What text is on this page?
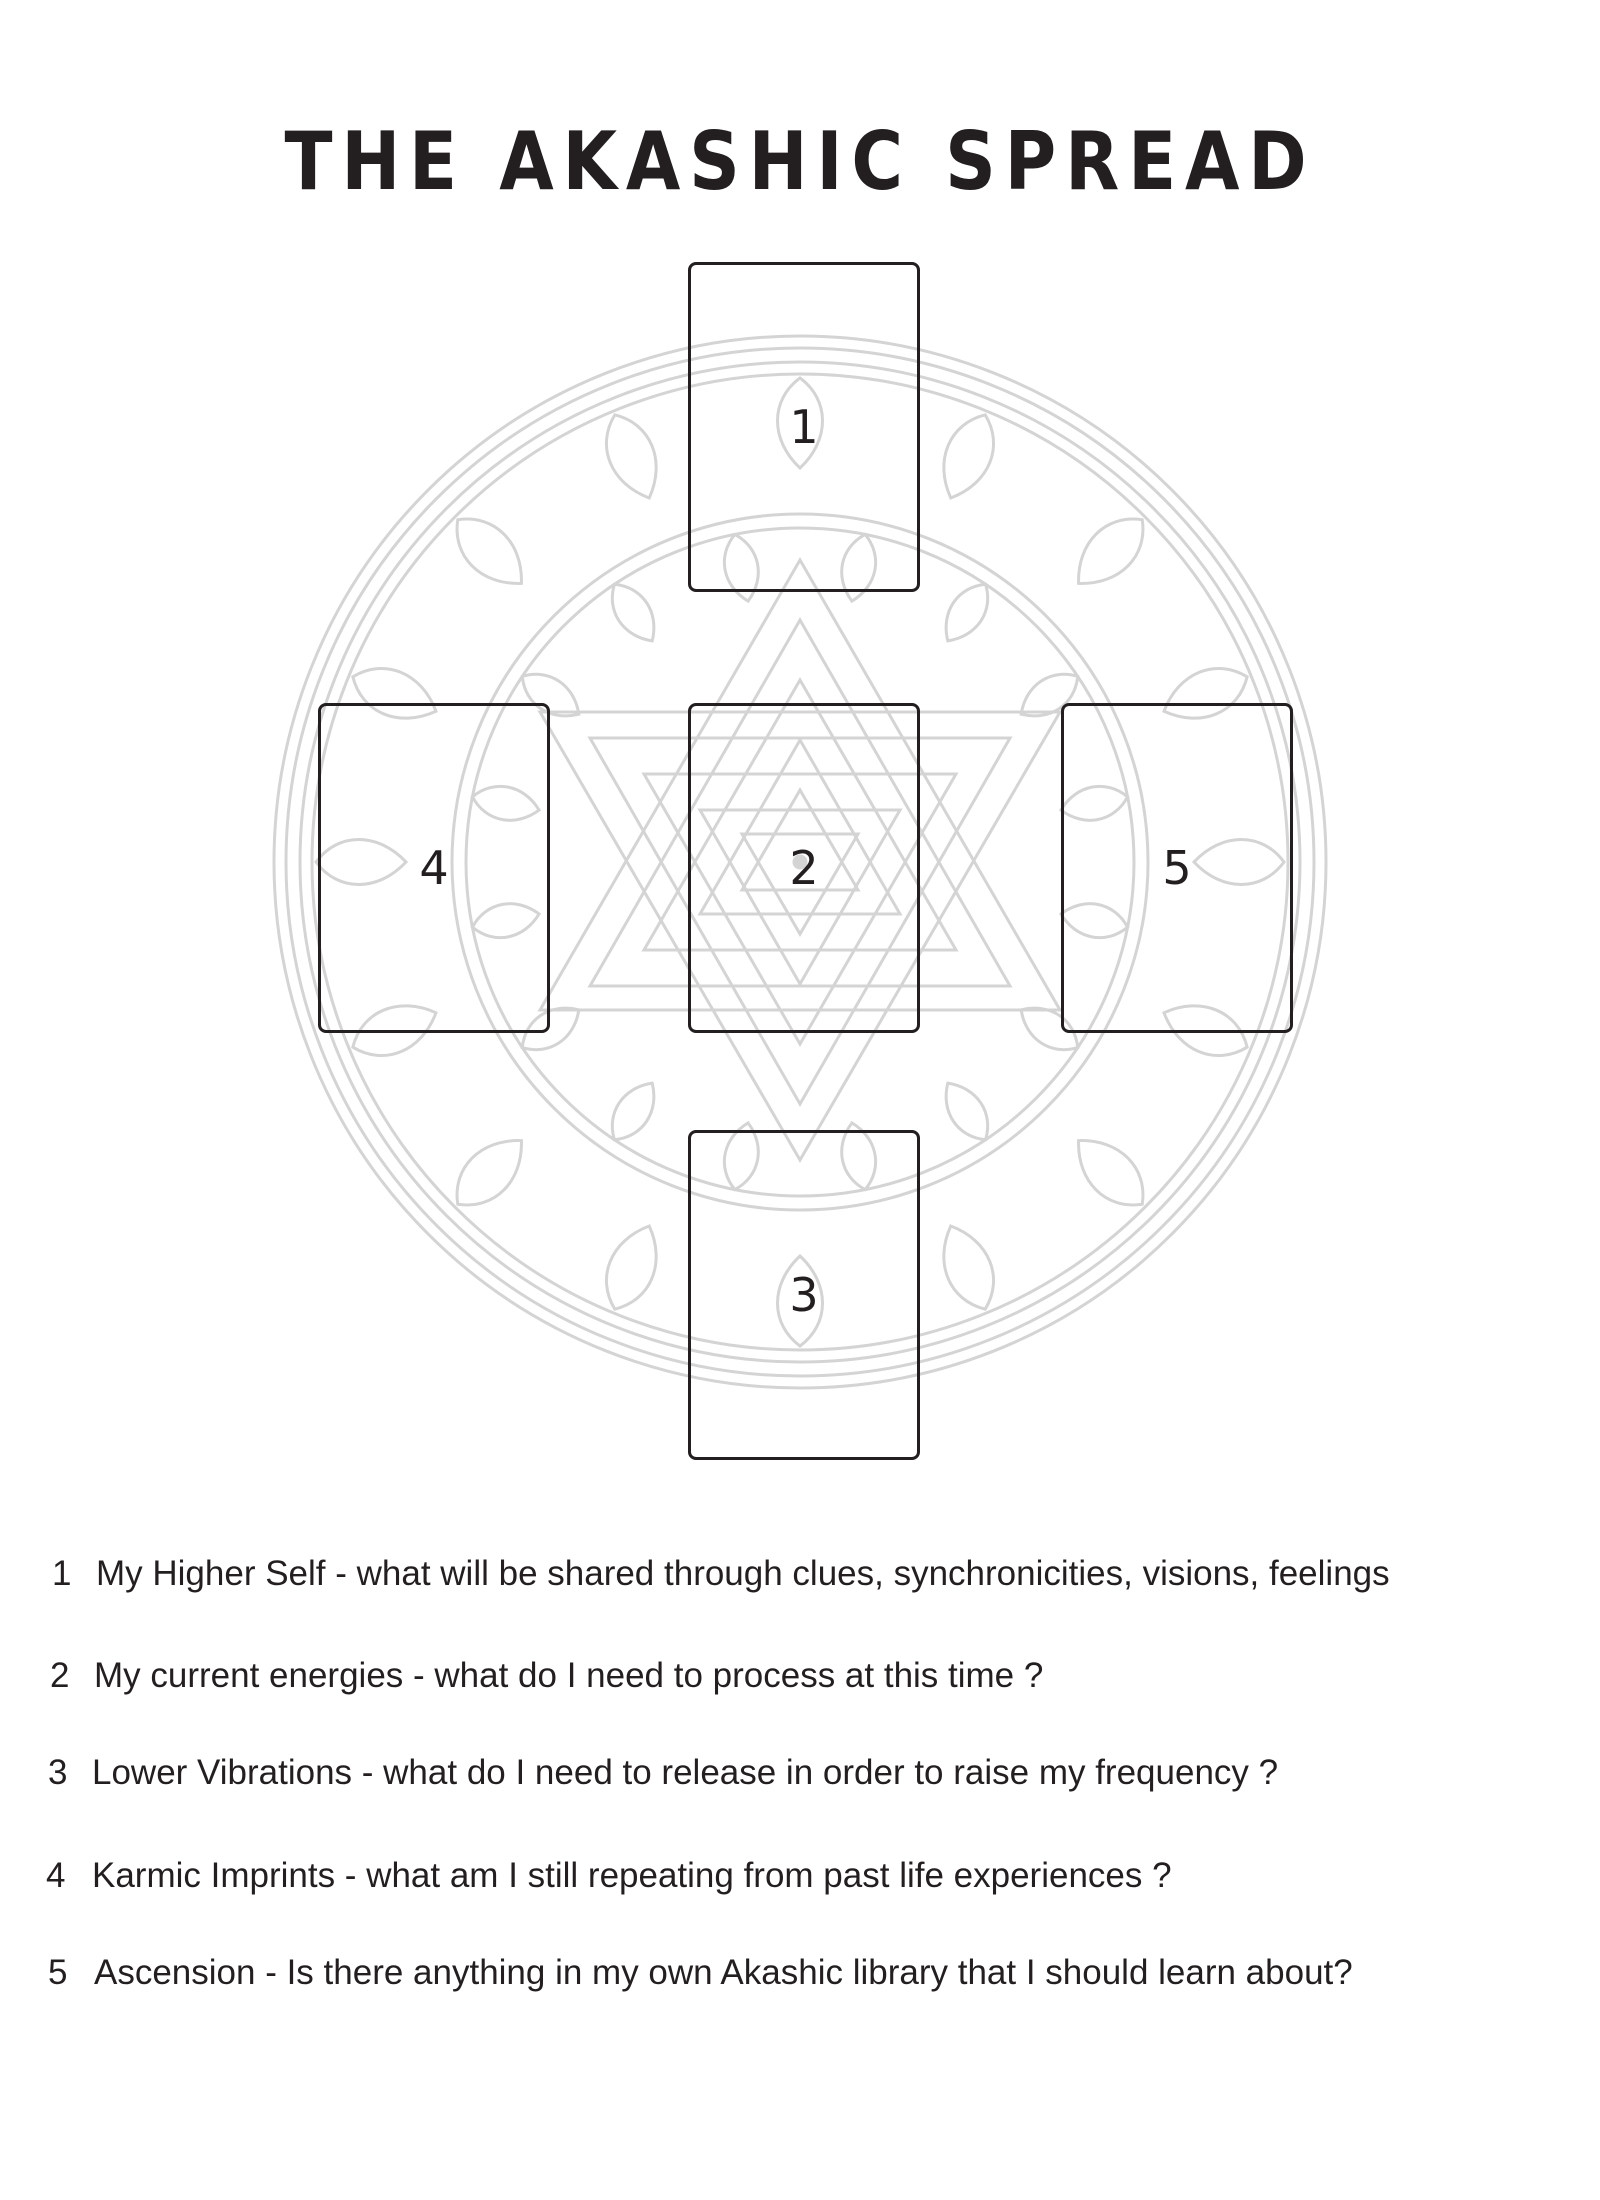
THE AKASHIC SPREAD
1
2
3
4	5
1 My Higher Self - what will be shared through clues, synchronicities, visions, feelings
2 My current energies - what do I need to process at this time ?
3 Lower Vibrations - what do I need to release in order to raise my frequency ?
4 Karmic Imprints - what am I still repeating from past life experiences ?
5 Ascension - Is there anything in my own Akashic library that I should learn about?
